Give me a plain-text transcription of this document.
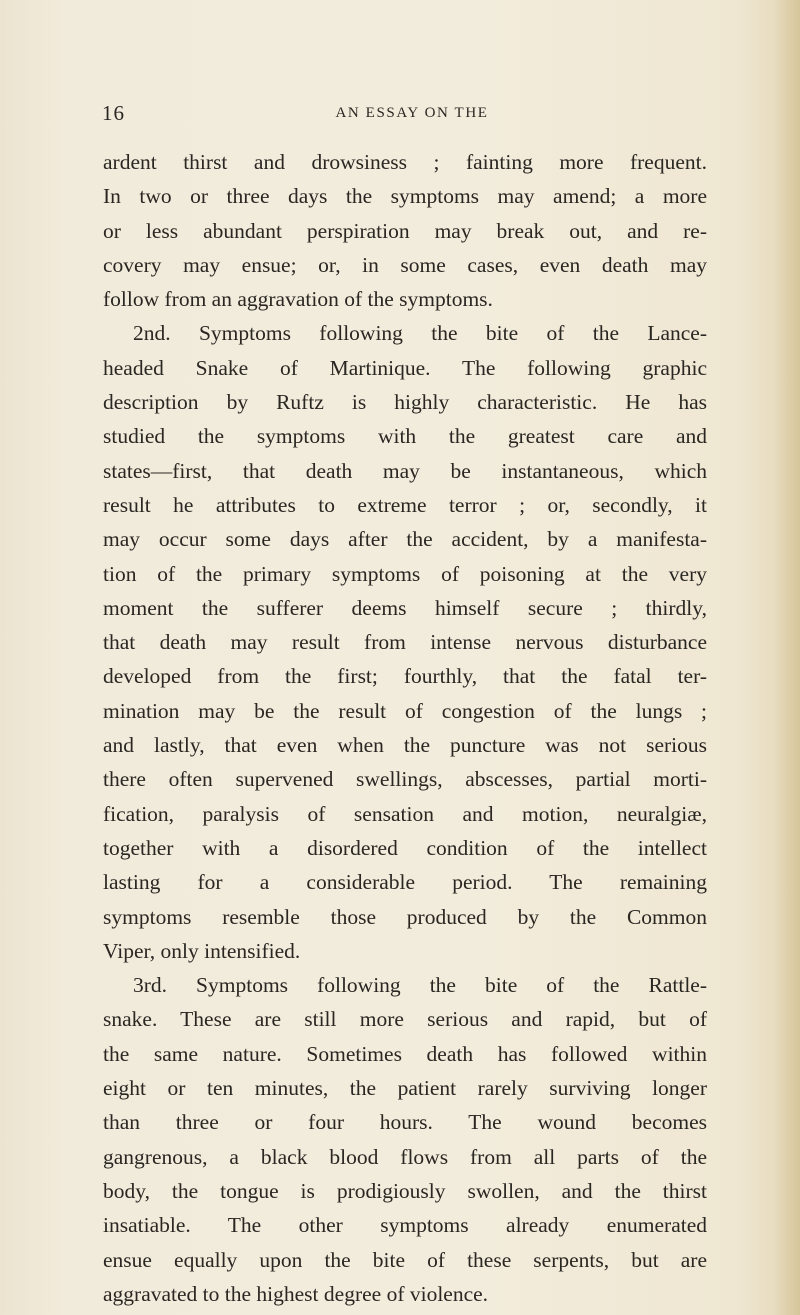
16	AN ESSAY ON THE
ardent thirst and drowsiness ; fainting more frequent.
In two or three days the symptoms may amend; a more
or less abundant perspiration may break out, and re-
covery may ensue; or, in some cases, even death may
follow from an aggravation of the symptoms.
2nd. Symptoms following the bite of the Lance-
headed Snake of Martinique. The following graphic
description by Ruftz is highly characteristic. He has
studied the symptoms with the greatest care and
states—first, that death may be instantaneous, which
result he attributes to extreme terror ; or, secondly, it
may occur some days after the accident, by a manifesta-
tion of the primary symptoms of poisoning at the very
moment the sufferer deems himself secure ; thirdly,
that death may result from intense nervous disturbance
developed from the first; fourthly, that the fatal ter-
mination may be the result of congestion of the lungs ;
and lastly, that even when the puncture was not serious
there often supervened swellings, abscesses, partial morti-
fication, paralysis of sensation and motion, neuralgiæ,
together with a disordered condition of the intellect
lasting for a considerable period. The remaining
symptoms resemble those produced by the Common
Viper, only intensified.
3rd. Symptoms following the bite of the Rattle-
snake. These are still more serious and rapid, but of
the same nature. Sometimes death has followed within
eight or ten minutes, the patient rarely surviving longer
than three or four hours. The wound becomes
gangrenous, a black blood flows from all parts of the
body, the tongue is prodigiously swollen, and the thirst
insatiable. The other symptoms already enumerated
ensue equally upon the bite of these serpents, but are
aggravated to the highest degree of violence.
